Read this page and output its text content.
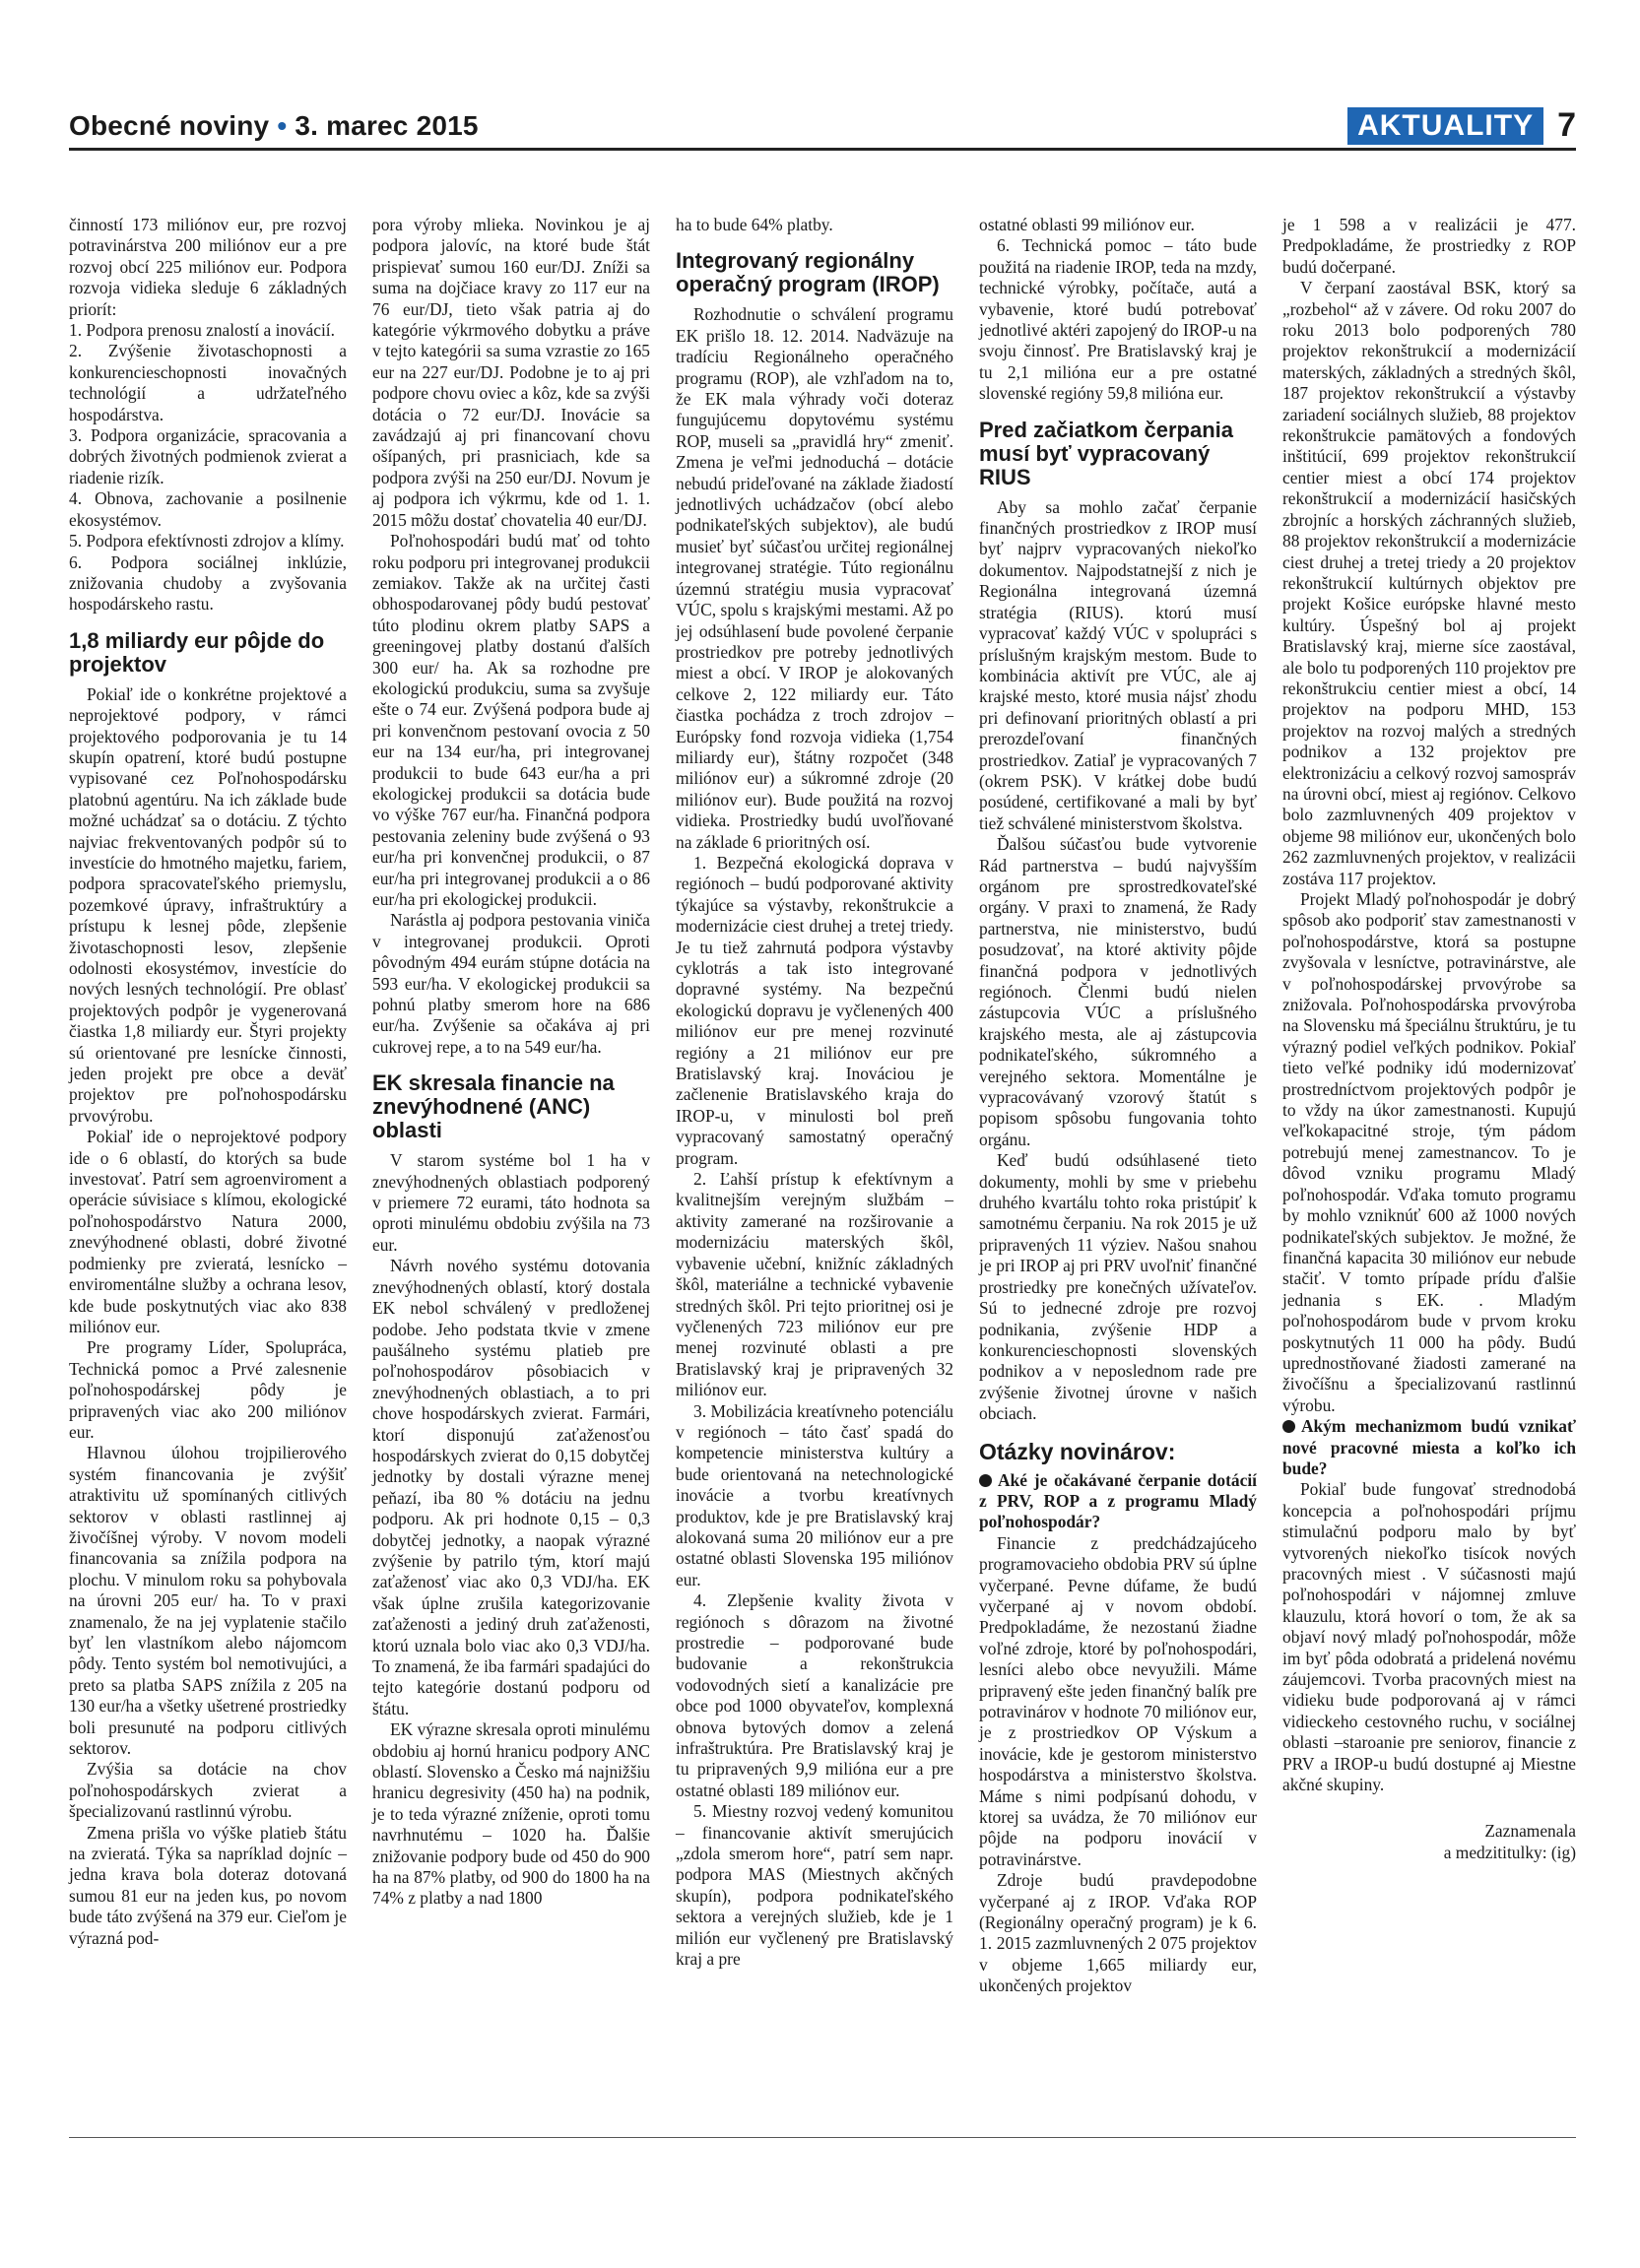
Obecné noviny • 3. marec 2015	AKTUALITY 7

činností 173 miliónov eur, pre rozvoj potravinárstva 200 miliónov eur a pre rozvoj obcí 225 miliónov eur. Podpora rozvoja vidieka sleduje 6 základných priorít:

1. Podpora prenosu znalostí a inovácií.

2. Zvýšenie životaschopnosti a konkurencieschopnosti inovačných technológií a udržateľného hospodárstva.

3. Podpora organizácie, spracovania a dobrých životných podmienok zvierat a riadenie rizík.

4. Obnova, zachovanie a posilnenie ekosystémov.

5. Podpora efektívnosti zdrojov a klímy.

6. Podpora sociálnej inklúzie, znižovania chudoby a zvyšovania hospodárskeho rastu.

1,8 miliardy eur pôjde do projektov

Pokiaľ ide o konkrétne projektové a neprojektové podpory, v rámci projektového podporovania je tu 14 skupín opatrení, ktoré budú postupne vypisované cez Poľnohospodársku platobnú agentúru. Na ich základe bude možné uchádzať sa o dotáciu. Z týchto najviac frekventovaných podpôr sú to investície do hmotného majetku, fariem, podpora spracovateľského priemyslu, pozemkové úpravy, infraštruktúry a prístupu k lesnej pôde, zlepšenie životaschopnosti lesov, zlepšenie odolnosti ekosystémov, investície do nových lesných technológií. Pre oblasť projektových podpôr je vygenerovaná čiastka 1,8 miliardy eur. Štyri projekty sú orientované pre lesnícke činnosti, jeden projekt pre obce a deväť projektov pre poľnohospodársku prvovýrobu.

Pokiaľ ide o neprojektové podpory ide o 6 oblastí, do ktorých sa bude investovať. Patrí sem agroenviroment a operácie súvisiace s klímou, ekologické poľnohospodárstvo Natura 2000, znevýhodnené oblasti, dobré životné podmienky pre zvieratá, lesnícko – enviromentálne služby a ochrana lesov, kde bude poskytnutých viac ako 838 miliónov eur.

Pre programy Líder, Spolupráca, Technická pomoc a Prvé zalesnenie poľnohospodárskej pôdy je pripravených viac ako 200 miliónov eur.

Hlavnou úlohou trojpilierového systém financovania je zvýšiť atraktivitu už spomínaných citlivých sektorov v oblasti rastlinnej aj živočíšnej výroby. V novom modeli financovania sa znížila podpora na plochu. V minulom roku sa pohybovala na úrovni 205 eur/ ha. To v praxi znamenalo, že na jej vyplatenie stačilo byť len vlastníkom alebo nájomcom pôdy. Tento systém bol nemotivujúci, a preto sa platba SAPS znížila z 205 na 130 eur/ha a všetky ušetrené prostriedky boli presunuté na podporu citlivých sektorov.

Zvýšia sa dotácie na chov poľnohospodárskych zvierat a špecializovanú rastlinnú výrobu.

Zmena prišla vo výške platieb štátu na zvieratá. Týka sa napríklad dojníc – jedna krava bola doteraz dotovaná sumou 81 eur na jeden kus, po novom bude táto zvýšená na 379 eur. Cieľom je výrazná pod-

pora výroby mlieka. Novinkou je aj podpora jalovíc, na ktoré bude štát prispievať sumou 160 eur/DJ. Zníži sa suma na dojčiace kravy zo 117 eur na 76 eur/DJ, tieto však patria aj do kategórie výkrmového dobytku a práve v tejto kategórii sa suma vzrastie zo 165 eur na 227 eur/DJ. Podobne je to aj pri podpore chovu oviec a kôz, kde sa zvýši dotácia o 72 eur/DJ. Inovácie sa zavádzajú aj pri financovaní chovu ošípaných, pri prasniciach, kde sa podpora zvýši na 250 eur/DJ. Novum je aj podpora ich výkrmu, kde od 1. 1. 2015 môžu dostať chovatelia 40 eur/DJ.

Poľnohospodári budú mať od tohto roku podporu pri integrovanej produkcii zemiakov. Takže ak na určitej časti obhospodarovanej pôdy budú pestovať túto plodinu okrem platby SAPS a greeningovej platby dostanú ďalších 300 eur/ ha. Ak sa rozhodne pre ekologickú produkciu, suma sa zvyšuje ešte o 74 eur. Zvýšená podpora bude aj pri konvenčnom pestovaní ovocia z 50 eur na 134 eur/ha, pri integrovanej produkcii to bude 643 eur/ha a pri ekologickej produkcii sa dotácia bude vo výške 767 eur/ha. Finančná podpora pestovania zeleniny bude zvýšená o 93 eur/ha pri konvenčnej produkcii, o 87 eur/ha pri integrovanej produkcii a o 86 eur/ha pri ekologickej produkcii.

Narástla aj podpora pestovania viniča v integrovanej produkcii. Oproti pôvodným 494 eurám stúpne dotácia na 593 eur/ha. V ekologickej produkcii sa pohnú platby smerom hore na 686 eur/ha. Zvýšenie sa očakáva aj pri cukrovej repe, a to na 549 eur/ha.

EK skresala financie na znevýhodnené (ANC) oblasti

V starom systéme bol 1 ha v znevýhodnených oblastiach podporený v priemere 72 eurami, táto hodnota sa oproti minulému obdobiu zvýšila na 73 eur.

Návrh nového systému dotovania znevýhodnených oblastí, ktorý dostala EK nebol schválený v predloženej podobe. Jeho podstata tkvie v zmene paušálneho systému platieb pre poľnohospodárov pôsobiacich v znevýhodnených oblastiach, a to pri chove hospodárskych zvierat. Farmári, ktorí disponujú zaťaženosťou hospodárskych zvierat do 0,15 dobytčej jednotky by dostali výrazne menej peňazí, iba 80 % dotáciu na jednu podporu. Ak pri hodnote 0,15 – 0,3 dobytčej jednotky, a naopak výrazné zvýšenie by patrilo tým, ktorí majú zaťaženosť viac ako 0,3 VDJ/ha. EK však úplne zrušila kategorizovanie zaťaženosti a jediný druh zaťaženosti, ktorú uznala bolo viac ako 0,3 VDJ/ha. To znamená, že iba farmári spadajúci do tejto kategórie dostanú podporu od štátu.

EK výrazne skresala oproti minulému obdobiu aj hornú hranicu podpory ANC oblastí. Slovensko a Česko má najnižšiu hranicu degresivity (450 ha) na podnik, je to teda výrazné zníženie, oproti tomu navrhnutému – 1020 ha. Ďalšie znižovanie podpory bude od 450 do 900 ha na 87% platby, od 900 do 1800 ha na 74% z platby a nad 1800

ha to bude 64% platby.

Integrovaný regionálny operačný program (IROP)

Rozhodnutie o schválení programu EK prišlo 18. 12. 2014. Nadväzuje na tradíciu Regionálneho operačného programu (ROP), ale vzhľadom na to, že EK mala výhrady voči doteraz fungujúcemu dopytovému systému ROP, museli sa „pravidlá hry“ zmeniť. Zmena je veľmi jednoduchá – dotácie nebudú prideľované na základe žiadostí jednotlivých uchádzačov (obcí alebo podnikateľských subjektov), ale budú musieť byť súčasťou určitej regionálnej integrovanej stratégie. Túto regionálnu územnú stratégiu musia vypracovať VÚC, spolu s krajskými mestami. Až po jej odsúhlasení bude povolené čerpanie prostriedkov pre potreby jednotlivých miest a obcí. V IROP je alokovaných celkove 2, 122 miliardy eur. Táto čiastka pochádza z troch zdrojov – Európsky fond rozvoja vidieka (1,754 miliardy eur), štátny rozpočet (348 miliónov eur) a súkromné zdroje (20 miliónov eur). Bude použitá na rozvoj vidieka. Prostriedky budú uvoľňované na základe 6 prioritných osí.

1. Bezpečná ekologická doprava v regiónoch – budú podporované aktivity týkajúce sa výstavby, rekonštrukcie a modernizácie ciest druhej a tretej triedy. Je tu tiež zahrnutá podpora výstavby cyklotrás a tak isto integrované dopravné systémy. Na bezpečnú ekologickú dopravu je vyčlenených 400 miliónov eur pre menej rozvinuté regióny a 21 miliónov eur pre Bratislavský kraj. Inováciou je začlenenie Bratislavského kraja do IROP-u, v minulosti bol preň vypracovaný samostatný operačný program.

2. Ľahší prístup k efektívnym a kvalitnejším verejným službám – aktivity zamerané na rozširovanie a modernizáciu materských škôl, vybavenie učební, knižníc základných škôl, materiálne a technické vybavenie stredných škôl. Pri tejto prioritnej osi je vyčlenených 723 miliónov eur pre menej rozvinuté oblasti a pre Bratislavský kraj je pripravených 32 miliónov eur.

3. Mobilizácia kreatívneho potenciálu v regiónoch – táto časť spadá do kompetencie ministerstva kultúry a bude orientovaná na netechnologické inovácie a tvorbu kreatívnych produktov, kde je pre Bratislavský kraj alokovaná suma 20 miliónov eur a pre ostatné oblasti Slovenska 195 miliónov eur.

4. Zlepšenie kvality života v regiónoch s dôrazom na životné prostredie – podporované bude budovanie a rekonštrukcia vodovodných sietí a kanalizácie pre obce pod 1000 obyvateľov, komplexná obnova bytových domov a zelená infraštruktúra. Pre Bratislavský kraj je tu pripravených 9,9 milióna eur a pre ostatné oblasti 189 miliónov eur.

5. Miestny rozvoj vedený komunitou – financovanie aktivít smerujúcich „zdola smerom hore“, patrí sem napr. podpora MAS (Miestnych akčných skupín), podpora podnikateľského sektora a verejných služieb, kde je 1 milión eur vyčlenený pre Bratislavský kraj a pre

ostatné oblasti 99 miliónov eur.

6. Technická pomoc – táto bude použitá na riadenie IROP, teda na mzdy, technické výrobky, počítače, autá a vybavenie, ktoré budú potrebovať jednotlivé aktéri zapojený do IROP-u na svoju činnosť. Pre Bratislavský kraj je tu 2,1 milióna eur a pre ostatné slovenské regióny 59,8 milióna eur.

Pred začiatkom čerpania musí byť vypracovaný RIUS

Aby sa mohlo začať čerpanie finančných prostriedkov z IROP musí byť najprv vypracovaných niekoľko dokumentov. Najpodstatnejší z nich je Regionálna integrovaná územná stratégia (RIUS). ktorú musí vypracovať každý VÚC v spolupráci s príslušným krajským mestom. Bude to kombinácia aktivít pre VÚC, ale aj krajské mesto, ktoré musia nájsť zhodu pri definovaní prioritných oblastí a pri prerozdeľovaní finančných prostriedkov. Zatiaľ je vypracovaných 7 (okrem PSK). V krátkej dobe budú posúdené, certifikované a mali by byť tiež schválené ministerstvom školstva.

Ďalšou súčasťou bude vytvorenie Rád partnerstva – budú najvyšším orgánom pre sprostredkovateľské orgány. V praxi to znamená, že Rady partnerstva, nie ministerstvo, budú posudzovať, na ktoré aktivity pôjde finančná podpora v jednotlivých regiónoch. Členmi budú nielen zástupcovia VÚC a príslušného krajského mesta, ale aj zástupcovia podnikateľského, súkromného a verejného sektora. Momentálne je vypracovávaný vzorový štatút s popisom spôsobu fungovania tohto orgánu.

Keď budú odsúhlasené tieto dokumenty, mohli by sme v priebehu druhého kvartálu tohto roka pristúpiť k samotnému čerpaniu. Na rok 2015 je už pripravených 11 výziev. Našou snahou je pri IROP aj pri PRV uvoľniť finančné prostriedky pre konečných užívateľov. Sú to jednecné zdroje pre rozvoj podnikania, zvýšenie HDP a konkurencieschopnosti slovenských podnikov a v neposlednom rade pre zvýšenie životnej úrovne v našich obciach.

Otázky novinárov:

Aké je očakávané čerpanie dotácií z PRV, ROP a z programu Mladý poľnohospodár?

Financie z predchádzajúceho programovacieho obdobia PRV sú úplne vyčerpané. Pevne dúfame, že budú vyčerpané aj v novom období. Predpokladáme, že nezostanú žiadne voľné zdroje, ktoré by poľnohospodári, lesníci alebo obce nevyužili. Máme pripravený ešte jeden finančný balík pre potravinárov v hodnote 70 miliónov eur, je z prostriedkov OP Výskum a inovácie, kde je gestorom ministerstvo hospodárstva a ministerstvo školstva. Máme s nimi podpísanú dohodu, v ktorej sa uvádza, že 70 miliónov eur pôjde na podporu inovácií v potravinárstve.

Zdroje budú pravdepodobne vyčerpané aj z IROP. Vďaka ROP (Regionálny operačný program) je k 6. 1. 2015 zazmluvnených 2 075 projektov v objeme 1,665 miliardy eur, ukončených projektov

je 1 598 a v realizácii je 477. Predpokladáme, že prostriedky z ROP budú dočerpané.

V čerpaní zaostával BSK, ktorý sa „rozbehol“ až v závere. Od roku 2007 do roku 2013 bolo podporených 780 projektov rekonštrukcií a modernizácií materských, základných a stredných škôl, 187 projektov rekonštrukcií a výstavby zariadení sociálnych služieb, 88 projektov rekonštrukcie pamätových a fondových inštitúcií, 699 projektov rekonštrukcií centier miest a obcí 174 projektov rekonštrukcií a modernizácií hasičských zbrojníc a horských záchranných služieb, 88 projektov rekonštrukcií a modernizácie ciest druhej a tretej triedy a 20 projektov rekonštrukcií kultúrnych objektov pre projekt Košice európske hlavné mesto kultúry. Úspešný bol aj projekt Bratislavský kraj, mierne síce zaostával, ale bolo tu podporených 110 projektov pre rekonštrukciu centier miest a obcí, 14 projektov na podporu MHD, 153 projektov na rozvoj malých a stredných podnikov a 132 projektov pre elektronizáciu a celkový rozvoj samospráv na úrovni obcí, miest aj regiónov. Celkovo bolo zazmluvnených 409 projektov v objeme 98 miliónov eur, ukončených bolo 262 zazmluvnených projektov, v realizácii zostáva 117 projektov.

Projekt Mladý poľnohospodár je dobrý spôsob ako podporiť stav zamestnanosti v poľnohospodárstve, ktorá sa postupne zvyšovala v lesníctve, potravinárstve, ale v poľnohospodárskej prvovýrobe sa znižovala. Poľnohospodárska prvovýroba na Slovensku má špeciálnu štruktúru, je tu výrazný podiel veľkých podnikov. Pokiaľ tieto veľké podniky idú modernizovať prostredníctvom projektových podpôr je to vždy na úkor zamestnanosti. Kupujú veľkokapacitné stroje, tým pádom potrebujú menej zamestnancov. To je dôvod vzniku programu Mladý poľnohospodár. Vďaka tomuto programu by mohlo vzniknúť 600 až 1000 nových podnikateľských subjektov. Je možné, že finančná kapacita 30 miliónov eur nebude stačiť. V tomto prípade prídu ďalšie jednania s EK. . Mladým poľnohospodárom bude v prvom kroku poskytnutých 11 000 ha pôdy. Budú uprednostňované žiadosti zamerané na živočíšnu a špecializovanú rastlinnú výrobu.

Akým mechanizmom budú vznikať nové pracovné miesta a koľko ich bude?

Pokiaľ bude fungovať strednodobá koncepcia a poľnohospodári príjmu stimulačnú podporu malo by byť vytvorených niekoľko tisícok nových pracovných miest . V súčasnosti majú poľnohospodári v nájomnej zmluve klauzulu, ktorá hovorí o tom, že ak sa objaví nový mladý poľnohospodár, môže im byť pôda odobratá a pridelená novému záujemcovi. Tvorba pracovných miest na vidieku bude podporovaná aj v rámci vidieckeho cestovného ruchu, v sociálnej oblasti –staroanie pre seniorov, financie z PRV a IROP-u budú dostupné aj Miestne akčné skupiny.

Zaznamenala

a medzititulky: (ig)
